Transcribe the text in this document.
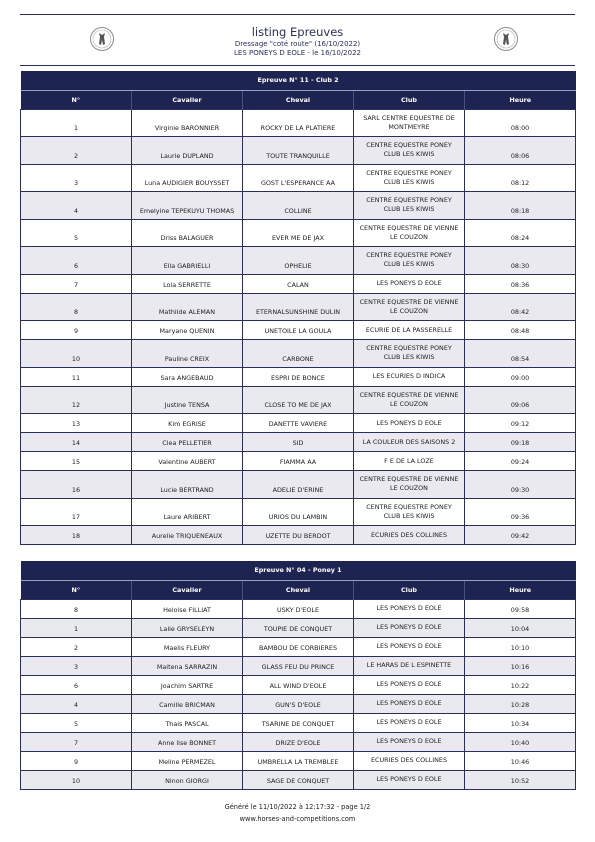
listing Epreuves
Dressage "coté route" (16/10/2022)
LES PONEYS D EOLE - le 16/10/2022
Epreuve N° 11 - Club 2				
N°	Cavalier	Cheval	Club	Heure
1	Virginie BARONNIER	ROCKY DE LA PLATIERE	SARL CENTRE EQUESTRE DE MONTMEYRE	08:00
2	Laurie DUPLAND	TOUTE TRANQUILLE	CENTRE EQUESTRE PONEY CLUB LES KIWIS	08:06
3	Luna AUDIGIER BOUYSSET	GOST L'ESPERANCE AA	CENTRE EQUESTRE PONEY CLUB LES KIWIS	08:12
4	Emelyine TEPEKUYU THOMAS	COLLINE	CENTRE EQUESTRE PONEY CLUB LES KIWIS	08:18
5	Driss BALAGUER	EVER ME DE JAX	CENTRE EQUESTRE DE VIENNE LE COUZON	08:24
6	Ella GABRIELLI	OPHELIE	CENTRE EQUESTRE PONEY CLUB LES KIWIS	08:30
7	Lola SERRETTE	CALAN	LES PONEYS D EOLE	08:36
8	Mathilde ALEMAN	ETERNALSUNSHINE DULIN	CENTRE EQUESTRE DE VIENNE LE COUZON	08:42
9	Maryane QUENIN	UNETOILE LA GOULA	ECURIE DE LA PASSERELLE	08:48
10	Pauline CREIX	CARBONE	CENTRE EQUESTRE PONEY CLUB LES KIWIS	08:54
11	Sara ANGEBAUD	ESPRI DE BONCE	LES ECURIES D INDICA	09:00
12	Justine TENSA	CLOSE TO ME DE JAX	CENTRE EQUESTRE DE VIENNE LE COUZON	09:06
13	Kim EGRISE	DANETTE VAVIERE	LES PONEYS D EOLE	09:12
14	Clea PELLETIER	SID	LA COULEUR DES SAISONS 2	09:18
15	Valentine AUBERT	FIAMMA AA	F E DE LA LOZE	09:24
16	Lucie BERTRAND	ADELIE D'ERINE	CENTRE EQUESTRE DE VIENNE LE COUZON	09:30
17	Laure ARIBERT	URIOS DU LAMBIN	CENTRE EQUESTRE PONEY CLUB LES KIWIS	09:36
18	Aurelie TRIQUENEAUX	UZETTE DU BERDOT	ECURIES DES COLLINES	09:42
Epreuve N° 04 - Poney 1				
N°	Cavalier	Cheval	Club	Heure
8	Heloise FILLIAT	USKY D'EOLE	LES PONEYS D EOLE	09:58
1	Lalie GRYSELEYN	TOUPIE DE CONQUET	LES PONEYS D EOLE	10:04
2	Maelis FLEURY	BAMBOU DE CORBIERES	LES PONEYS D EOLE	10:10
3	Maitena SARRAZIN	GLASS FEU DU PRINCE	LE HARAS DE L ESPINETTE	10:16
6	Joachim SARTRE	ALL WIND D'EOLE	LES PONEYS D EOLE	10:22
4	Camille BRICMAN	GUN'S D'EOLE	LES PONEYS D EOLE	10:28
5	Thais PASCAL	TSARINE DE CONQUET	LES PONEYS D EOLE	10:34
7	Anne lise BONNET	DRIZE D'EOLE	LES PONEYS D EOLE	10:40
9	Meline PERMEZEL	UMBRELLA LA TREMBLEE	ECURIES DES COLLINES	10:46
10	Ninon GIORGI	SAGE DE CONQUET	LES PONEYS D EOLE	10:52
Généré le 11/10/2022 à 12:17:32 - page 1/2
www.horses-and-competitions.com
